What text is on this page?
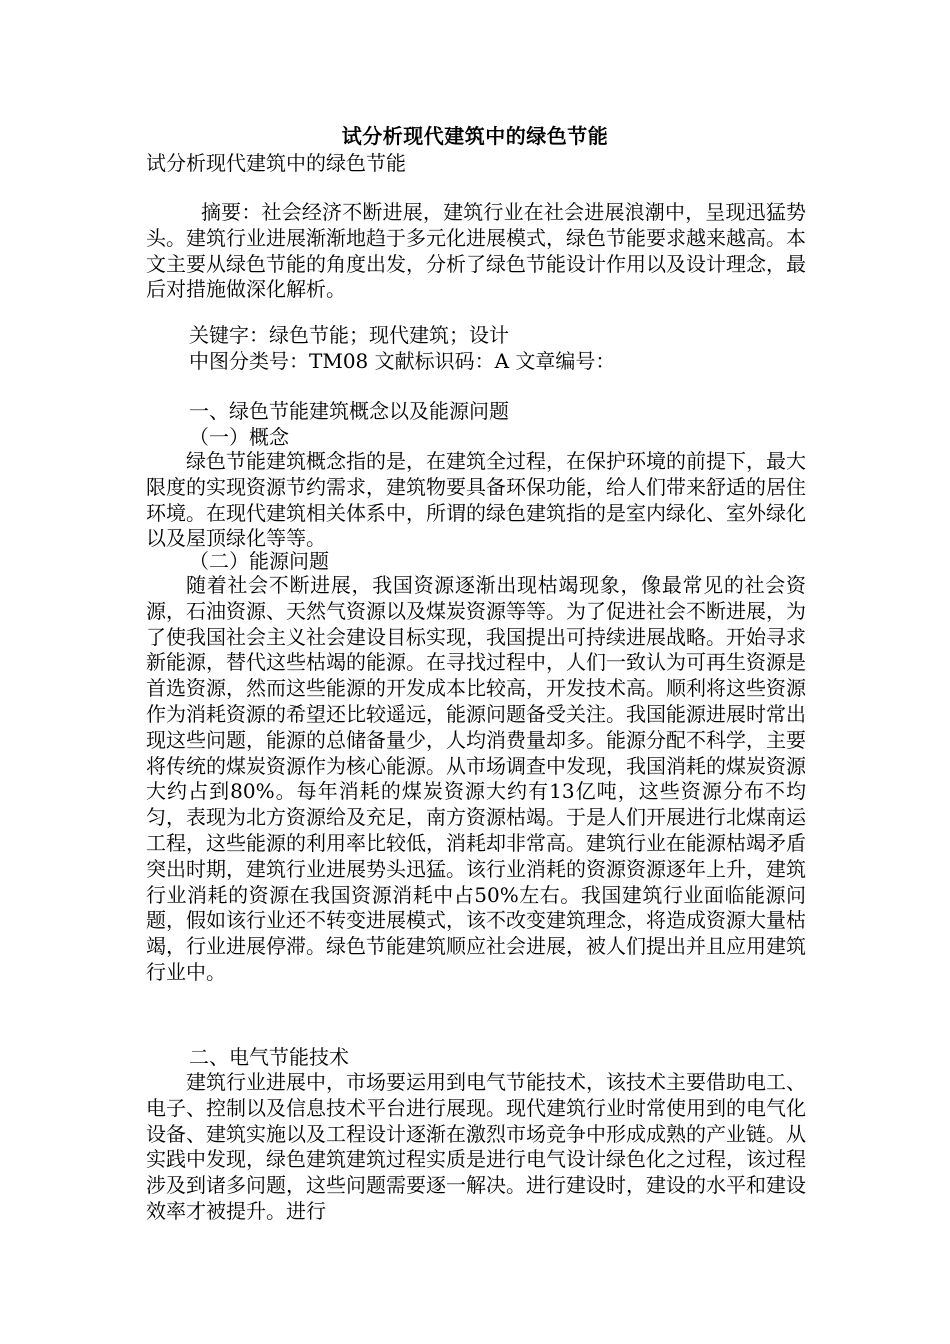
试分析现代建筑中的绿色节能
试分析现代建筑中的绿色节能
摘要：社会经济不断进展，建筑行业在社会进展浪潮中，呈现迅猛势头。建筑行业进展渐渐地趋于多元化进展模式，绿色节能要求越来越高。本文主要从绿色节能的角度出发，分析了绿色节能设计作用以及设计理念，最后对措施做深化解析。
关键字：绿色节能；现代建筑；设计
中图分类号：TM08 文献标识码：A 文章编号：
一、绿色节能建筑概念以及能源问题
（一）概念
绿色节能建筑概念指的是，在建筑全过程，在保护环境的前提下，最大限度的实现资源节约需求，建筑物要具备环保功能，给人们带来舒适的居住环境。在现代建筑相关体系中，所谓的绿色建筑指的是室内绿化、室外绿化以及屋顶绿化等等。
（二）能源问题
随着社会不断进展，我国资源逐渐出现枯竭现象，像最常见的社会资源，石油资源、天然气资源以及煤炭资源等等。为了促进社会不断进展，为了使我国社会主义社会建设目标实现，我国提出可持续进展战略。开始寻求新能源，替代这些枯竭的能源。在寻找过程中，人们一致认为可再生资源是首选资源，然而这些能源的开发成本比较高，开发技术高。顺利将这些资源作为消耗资源的希望还比较遥远，能源问题备受关注。我国能源进展时常出现这些问题，能源的总储备量少，人均消费量却多。能源分配不科学，主要将传统的煤炭资源作为核心能源。从市场调查中发现，我国消耗的煤炭资源大约占到80%。每年消耗的煤炭资源大约有13亿吨，这些资源分布不均匀，表现为北方资源给及充足，南方资源枯竭。于是人们开展进行北煤南运工程，这些能源的利用率比较低，消耗却非常高。建筑行业在能源枯竭矛盾突出时期，建筑行业进展势头迅猛。该行业消耗的资源资源逐年上升，建筑行业消耗的资源在我国资源消耗中占50%左右。我国建筑行业面临能源问题，假如该行业还不转变进展模式，该不改变建筑理念，将造成资源大量枯竭，行业进展停滞。绿色节能建筑顺应社会进展，被人们提出并且应用建筑行业中。
二、电气节能技术
建筑行业进展中，市场要运用到电气节能技术，该技术主要借助电工、电子、控制以及信息技术平台进行展现。现代建筑行业时常使用到的电气化设备、建筑实施以及工程设计逐渐在激烈市场竞争中形成成熟的产业链。从实践中发现，绿色建筑建筑过程实质是进行电气设计绿色化之过程，该过程涉及到诸多问题，这些问题需要逐一解决。进行建设时，建设的水平和建设效率才被提升。进行
